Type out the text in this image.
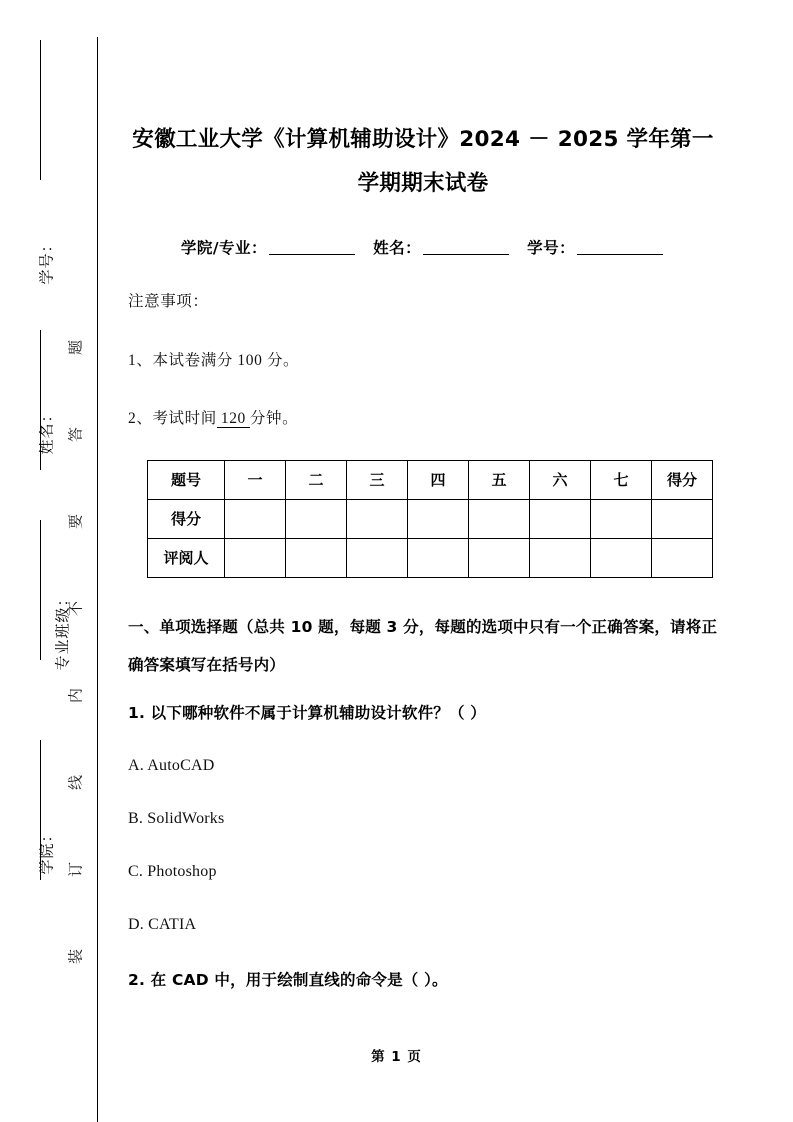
题
答
要
不
内
线
订
装
学号：
姓名：
专业班级：
学院：
安徽工业大学《计算机辅助设计》2024 － 2025 学年第一学期期末试卷
学院/专业：	姓名：	学号：

注意事项：

1、本试卷满分 100 分。

2、考试时间 120 分钟。

题号	一	二	三	四	五	六	七	得分
得分								
评阅人								
一、单项选择题（总共 10 题，每题 3 分，每题的选项中只有一个正确答案，请将正确答案填写在括号内）
1. 以下哪种软件不属于计算机辅助设计软件？（ ）
A. AutoCAD
B. SolidWorks
C. Photoshop
D. CATIA
2. 在 CAD 中，用于绘制直线的命令是（ ）。
第 1 页
